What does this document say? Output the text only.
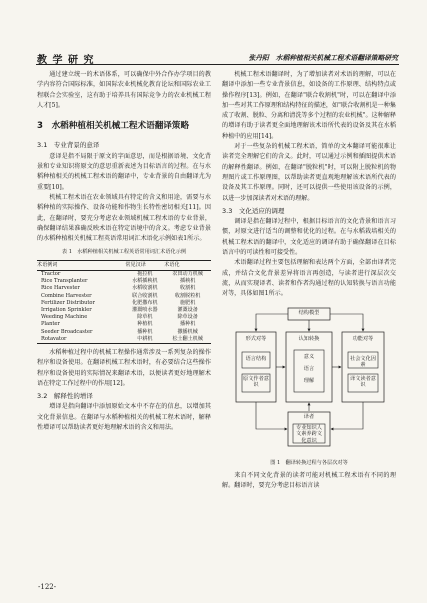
教 学 研 究	张丹阳　水稻种植相关机械工程术语翻译策略研究

通过建立统一的术语体系，可以确保中外合作办学项目的教学内容符合国际标准，如国际农业机械化教育论坛和国际农业工程联合会实验室，这有助于培养具有国际竞争力的农业机械工程人才[5]。

3　水稻种植相关机械工程术语翻译策略
3.1　专业背景的意译

意译是指不局限于原文的字面意思，而是根据语境、文化背景和专业知识将原文的意思重新表述为目标语言的过程。在与水稻种植相关的机械工程术语的翻译中，专业背景的自由翻译尤为重要[10]。

机械工程术语在农业领域具有特定的含义和用途，需要与水稻种植的实际操作、设备功能和作物生长特性密切相关[11]。因此，在翻译时，要充分考虑农业领域机械工程术语的专业背景，确保翻译结果准确反映术语在特定语境中的含义。考虑专业背景的水稻种植相关机械工程英语常用词汇术语化示例如表1所示。

表 1　水稻种植相关机械工程英语常用词汇术语化示例
术语例词	常见汉译	术语化
Tractor	拖拉机	农田动力机械
Rice Transplanter	水稻插秧机	插秧机
Rice Harvester	水稻收割机	收割机
Combine Harvester	联合收割机	收割脱粒机
Fertilizer Distributor	化肥撒布机	施肥机
Irrigation Sprinkler	灌溉喷水器	灌溉设备
Weeding Machine	除草机	除草设备
Planter	种植机	播种机
Seeder Broadcaster	播种机	撒播机械
Rotavator	中耕机	松土翻土机械

水稻种植过程中的机械工程操作通常涉及一系列复杂的操作程序和设备使用。在翻译机械工程术语时，有必要结合这些操作程序和设备使用的实际情况来翻译术语，以便读者更好地理解术语在特定工作过程中的作用[12]。

3.2　解释性的增译

增译是指向翻译中添加原始文本中不存在的信息，以增加其文化背景信息。在翻译与水稻种植相关的机械工程术语时，解释性增译可以帮助读者更好地理解术语的含义和用法。

机械工程术语翻译时，为了增加读者对术语的理解，可以在翻译中添加一些专业背景信息，如设备的工作原理、结构特点或操作程序[13]。例如，在翻译"联合收割机"时，可以在翻译中添加一些对其工作原理和结构特征的描述，如"联合收割机是一种集成了收割、脱粒、分离和清洗等多个过程的农业机械"。这种解释的增译有助于读者更全面地理解该术语所代表的设备及其在水稻种植中的应用[14]。

对于一些复杂的机械工程术语，简单的文本翻译可能很难让读者完全理解它们的含义。此时，可以通过示例和插图提供术语的解释性翻译。例如，在翻译"脱粒机"时，可以附上脱粒机的物理图片或工作原理图，以帮助读者更直观地理解该术语所代表的设备及其工作原理。同时，还可以提供一些使用该设备的示例，以进一步加深读者对术语的理解。

3.3　文化适应的调理

调译是指在翻译过程中，根据目标语言的文化背景和语言习惯，对原文进行适当的调整和优化的过程。在与水稻栽培相关的机械工程术语的翻译中，文化适应的调译有助于确保翻译在目标语言中的可读性和可接受性。

术语翻译过程主要包括理解和表达两个方面，全部由译者完成，并结合文化背景差异将语言再创造，与读者进行深层次交流，从而实现译者、读者和作者沟通过程的认知转换与语言功能对等，具体如图1所示。

结构模型
形式对等
语言结构
原文作者意识
认知转换
意义
语言
理解
功能对等
社会文化因素
译文读者意识
译者
专业知识人文素养跨文化意识
图 1　翻译转换过程与各层次对等

来自不同文化背景的读者可能对机械工程术语有不同的理解。翻译时，要充分考虑目标语言读

-122-
